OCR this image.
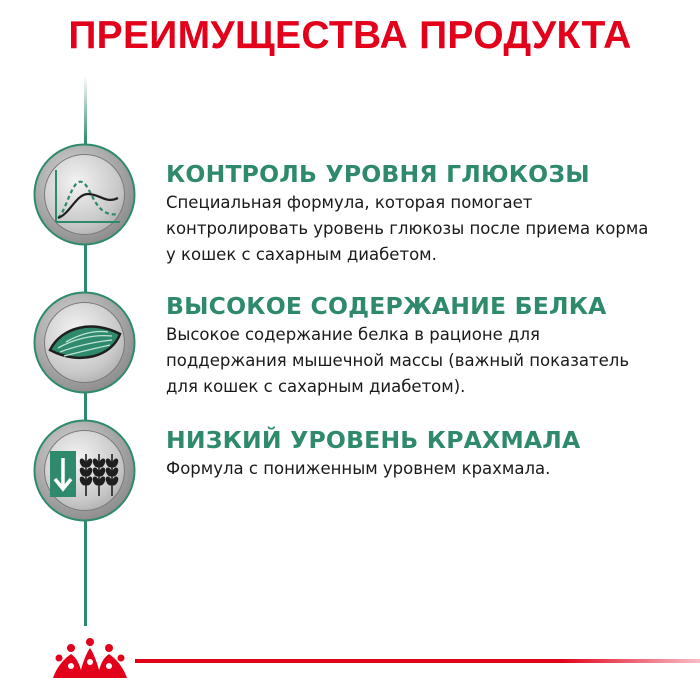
ПРЕИМУЩЕСТВА ПРОДУКТА
КОНТРОЛЬ УРОВНЯ ГЛЮКОЗЫ
Специальная формула, которая помогает
контролировать уровень глюкозы после приема корма
у кошек с сахарным диабетом.
ВЫСОКОЕ СОДЕРЖАНИЕ БЕЛКА
Высокое содержание белка в рационе для
поддержания мышечной массы (важный показатель
для кошек с сахарным диабетом).
НИЗКИЙ УРОВЕНЬ КРАХМАЛА
Формула с пониженным уровнем крахмала.
